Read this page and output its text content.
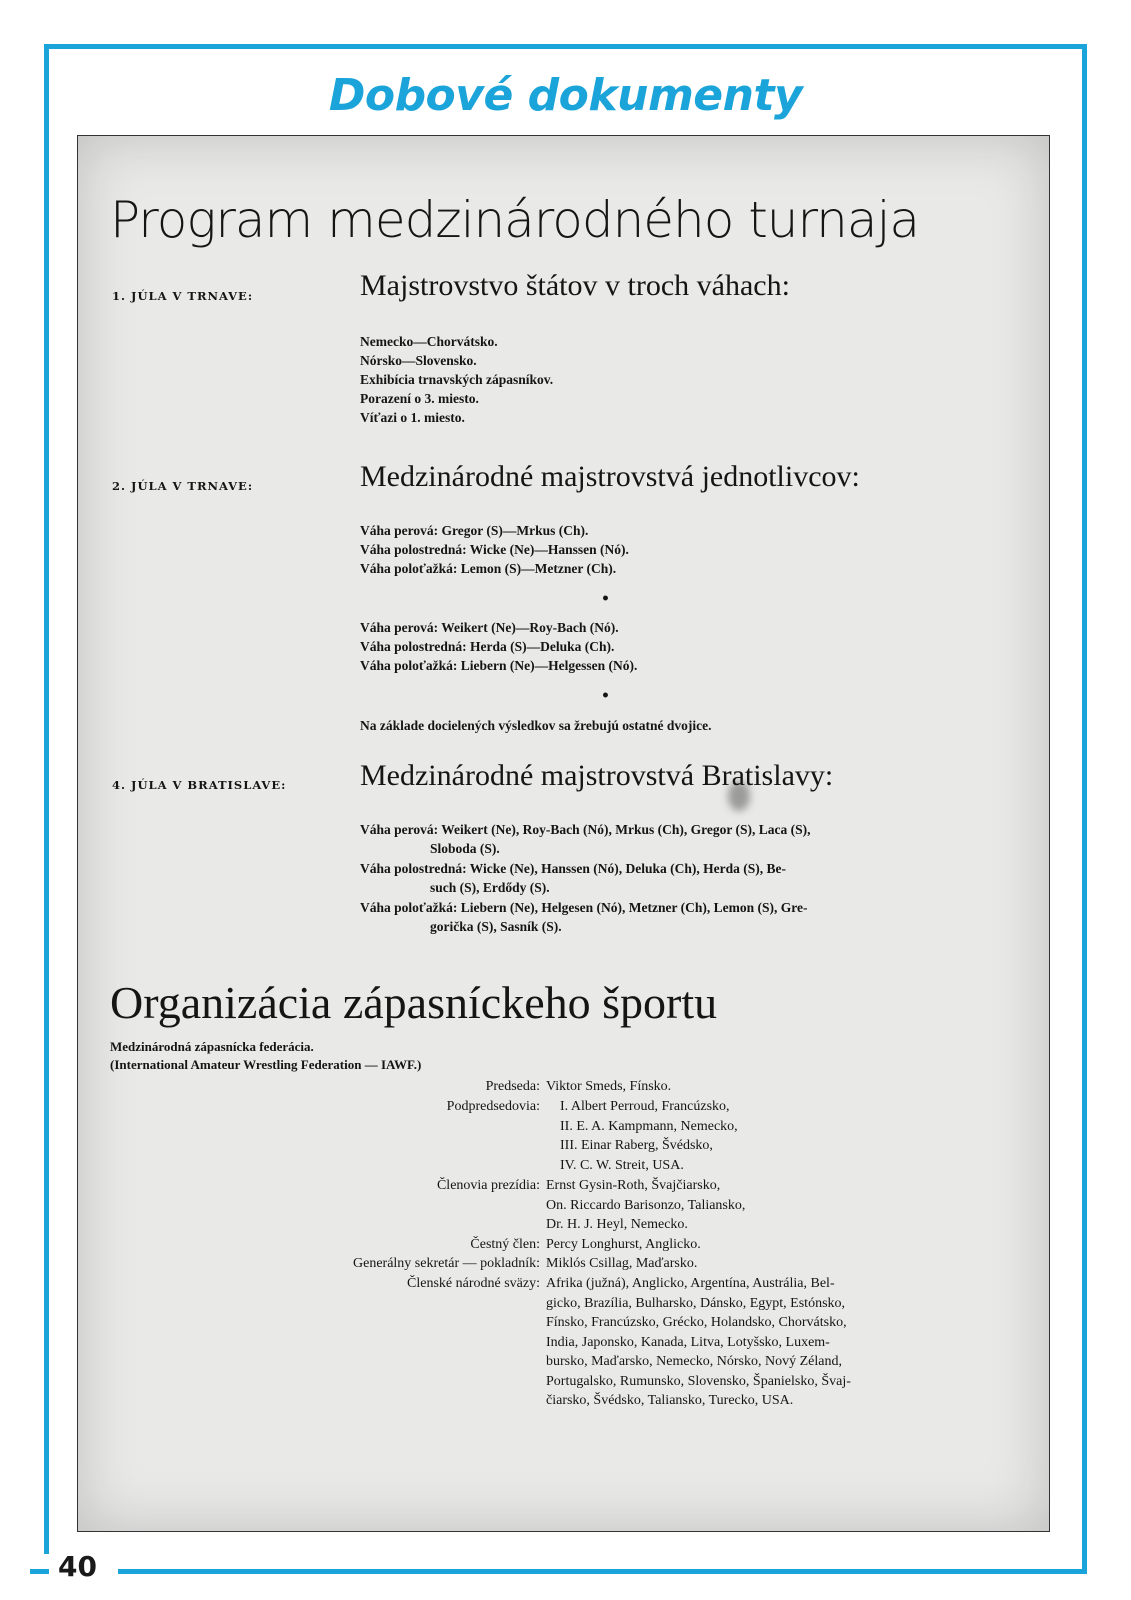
Dobové dokumenty
40
Program medzinárodného turnaja
1. JÚLA V TRNAVE:	Majstrovstvo štátov v troch váhach:
Nemecko—Chorvátsko.
Nórsko—Slovensko.
Exhibícia trnavských zápasníkov.
Porazení o 3. miesto.
Víťazi o 1. miesto.
2. JÚLA V TRNAVE:	Medzinárodné majstrovstvá jednotlivcov:
Váha perová: Gregor (S)—Mrkus (Ch).
Váha polostredná: Wicke (Ne)—Hanssen (Nó).
Váha poloťažká: Lemon (S)—Metzner (Ch).
•
Váha perová: Weikert (Ne)—Roy-Bach (Nó).
Váha polostredná: Herda (S)—Deluka (Ch).
Váha poloťažká: Liebern (Ne)—Helgessen (Nó).
•
Na základe docielených výsledkov sa žrebujú ostatné dvojice.
4. JÚLA V BRATISLAVE: Medzinárodné majstrovstvá Bratislavy:
Váha perová: Weikert (Ne), Roy-Bach (Nó), Mrkus (Ch), Gregor (S), Laca (S),
Sloboda (S).
Váha polostredná: Wicke (Ne), Hanssen (Nó), Deluka (Ch), Herda (S), Be-
such (S), Erdődy (S).
Váha poloťažká: Liebern (Ne), Helgesen (Nó), Metzner (Ch), Lemon (S), Gre-
gorička (S), Sasník (S).
Organizácia zápasníckeho športu
Medzinárodná zápasnícka federácia.
(International Amateur Wrestling Federation — IAWF.)
Predseda: Viktor Smeds, Fínsko.
Podpredsedovia: I. Albert Perroud, Francúzsko,
II. E. A. Kampmann, Nemecko,
III. Einar Raberg, Švédsko,
IV. C. W. Streit, USA.
Členovia prezídia: Ernst Gysin-Roth, Švajčiarsko,
On. Riccardo Barisonzo, Taliansko,
Dr. H. J. Heyl, Nemecko.
Čestný člen: Percy Longhurst, Anglicko.
Generálny sekretár — pokladník: Miklós Csillag, Maďarsko.
Členské národné sväzy: Afrika (južná), Anglicko, Argentína, Austrália, Bel-
gicko, Brazília, Bulharsko, Dánsko, Egypt, Estónsko,
Fínsko, Francúzsko, Grécko, Holandsko, Chorvátsko,
India, Japonsko, Kanada, Litva, Lotyšsko, Luxem-
bursko, Maďarsko, Nemecko, Nórsko, Nový Zéland,
Portugalsko, Rumunsko, Slovensko, Španielsko, Švaj-
čiarsko, Švédsko, Taliansko, Turecko, USA.
